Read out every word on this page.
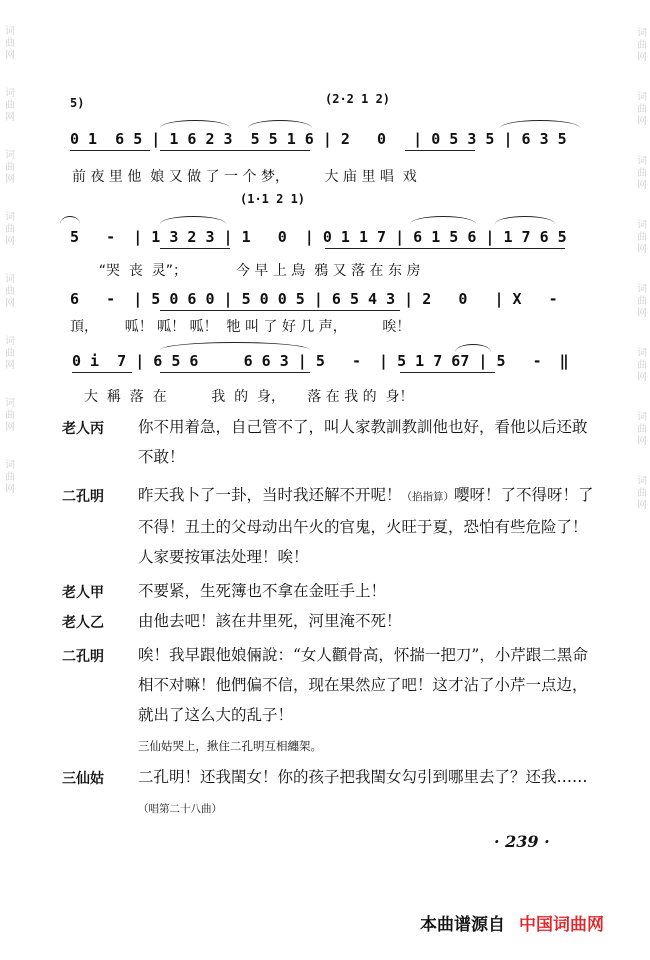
词
曲
网
词
曲
网
词
曲
网
词
曲
网
词
曲
网
词
曲
网
词
曲
网
词
曲
网
词
曲
网
词
曲
网
词
曲
网
词
曲
网
词
曲
网
词
曲
网
词
曲
网
词
曲
网
5)	(2·2 1 2)
0 1  6 5 | 1 6 2 3  5 5 1 6 | 2   0   | 0 5 3 5 | 6 3 5
前 夜 里 他  娘 又 做 了 一 个 梦，        大 庙 里 唱  戏
(1·1 2 1)
5   -  | 1 3 2 3 | 1   0  | 0 1 1 7 | 6 1 5 6 | 1 7 6 5
“哭  丧  灵”；           今 早 上 鳥  鴉 又 落 在 东 房
6   -  | 5 0 6 0 | 5 0 0 5 | 6 5 4 3 | 2   0   | X   -
頂，      呱！ 呱！ 呱！  牠 叫 了 好 几 声，        唉！
0 i  7 | 6 5 6     6 6 3 | 5   -  | 5 1 7 67 | 5   -  ‖
大  稱  落  在          我  的  身，     落 在 我 的  身！
老人丙 你不用着急，自己管不了，叫人家教訓教訓他也好，看他以后还敢不敢！
二孔明 昨天我卜了一卦，当时我还解不开呢！（掐指算）嘤呀！了不得呀！了不得！丑土的父母动出午火的官鬼，火旺于夏，恐怕有些危险了！人家要按軍法处理！唉！
老人甲 不要紧，生死簿也不拿在金旺手上！
老人乙 由他去吧！該在井里死，河里淹不死！
二孔明 唉！我早跟他娘倆說：“女人顴骨高，怀揣一把刀”，小芹跟二黑命相不对嘛！他們偏不信，现在果然应了吧！这才沾了小芹一点边，就出了这么大的乱子！
三仙姑哭上，揪住二孔明互相纏架。
三仙姑 二孔明！还我閨女！你的孩子把我閨女勾引到哪里去了？还我……（唱第二十八曲）
· 239 ·
本曲谱源自 中国词曲网
